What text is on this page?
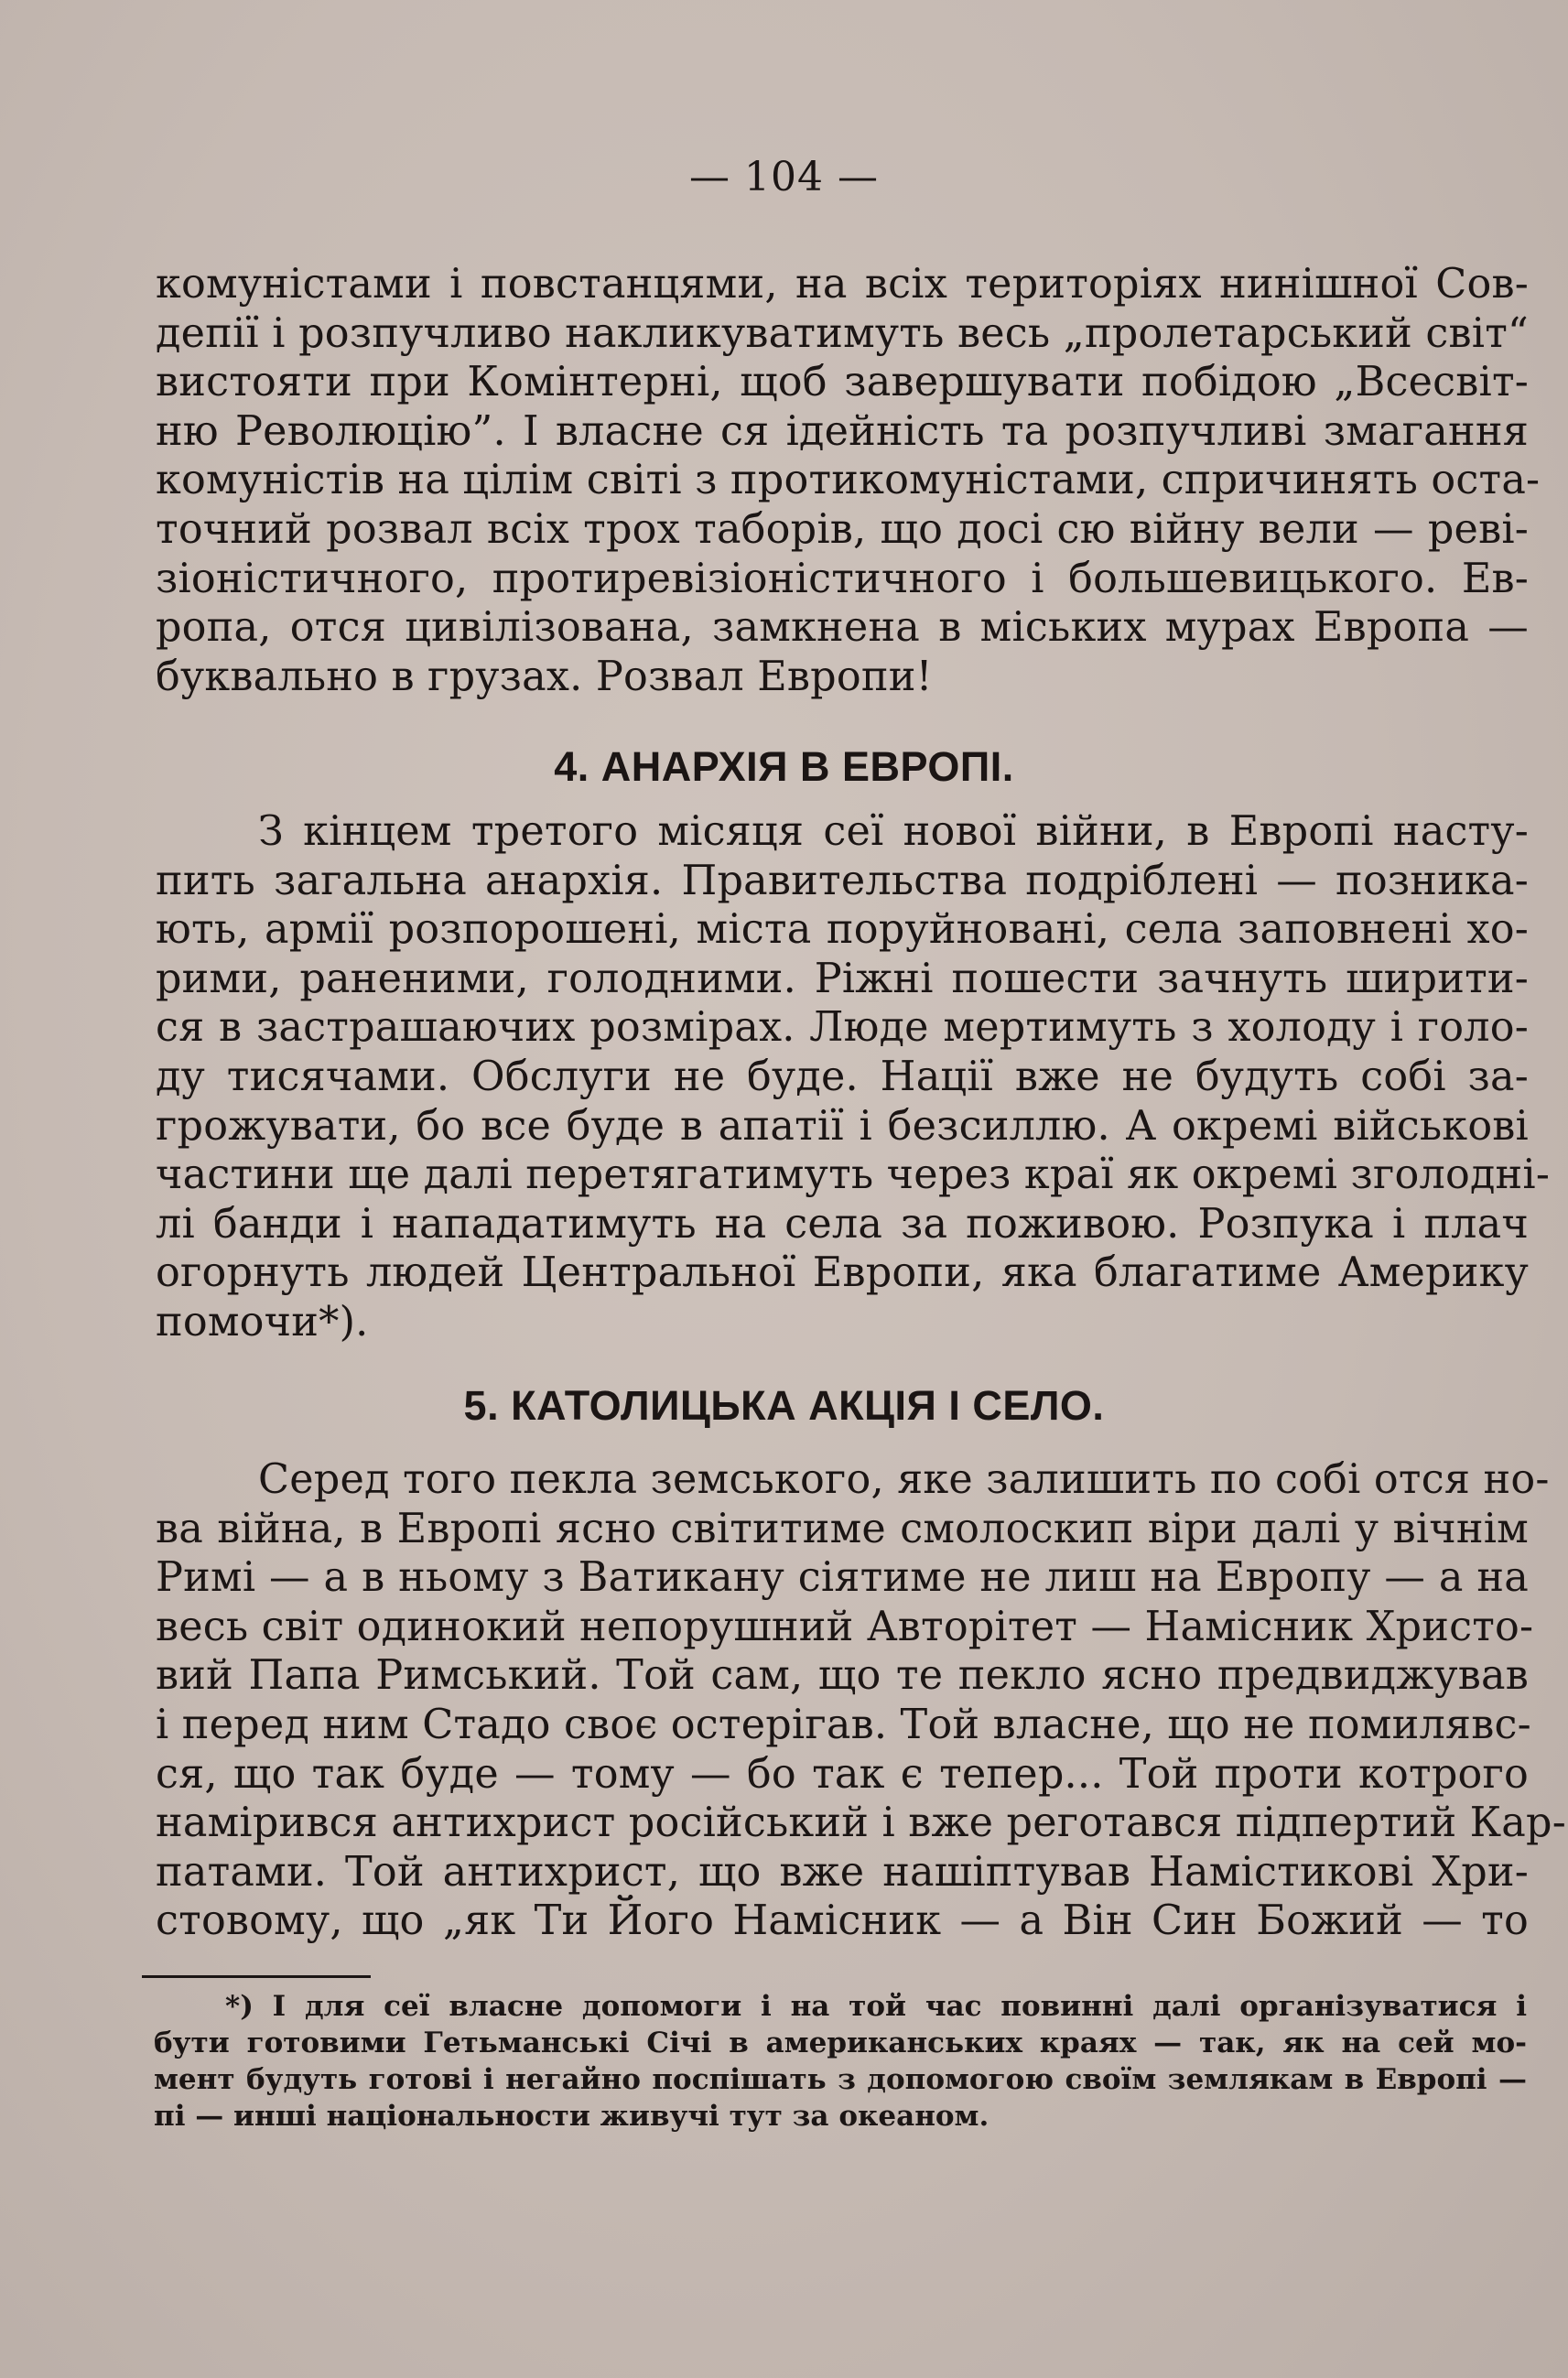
— 104 —
комуністами і повстанцями, на всіх територіях нинішної Сов-
депії і розпучливо накликуватимуть весь „пролетарський світ“
вистояти при Комінтерні, щоб завершувати побідою „Всесвіт-
ню Революцію”. І власне ся ідейність та розпучливі змагання
комуністів на цілім світі з протикомуністами, спричинять оста-
точний розвал всіх трох таборів, що досі сю війну вели — реві-
зіоністичного, протиревізіоністичного і большевицького. Ев-
ропа, отся цивілізована, замкнена в міських мурах Европа —
буквально в грузах. Розвал Европи!
4. АНАРХІЯ В ЕВРОПІ.
З кінцем третого місяця сеї нової війни, в Европі насту-
пить загальна анархія. Правительства подріблені — позника-
ють, армії розпорошені, міста поруйновані, села заповнені хо-
рими, раненими, голодними. Ріжні пошести зачнуть ширити-
ся в застрашаючих розмірах. Люде мертимуть з холоду і голо-
ду тисячами. Обслуги не буде. Нації вже не будуть собі за-
грожувати, бо все буде в апатії і безсиллю. А окремі військові
частини ще далі перетягатимуть через краї як окремі зголоднi-
лі банди і нападатимуть на села за поживою. Розпука і плач
огорнуть людей Центральної Европи, яка благатиме Америку
помочи*).
5. КАТОЛИЦЬКА АКЦІЯ І СЕЛО.
Серед того пекла земського, яке залишить по собі отся но-
ва війна, в Европі ясно світитиме смолоскип віри далі у вічнім
Римі — а в ньому з Ватикану сіятиме не лиш на Европу — а на
весь світ одинокий непорушний Авторітет — Намісник Христо-
вий Папа Римський. Той сам, що те пекло ясно предвиджував
і перед ним Стадо своє остерігав. Той власне, що не помилявс-
ся, що так буде — тому — бо так є тепер... Той проти котрого
намірився антихрист російський і вже реготався підпертий Кар-
патами. Той антихрист, що вже нашіптував Намістикові Хри-
стовому, що „як Ти Його Намісник — а Він Син Божий — то
*) І для сеї власне допомоги і на той час повинні далі організуватися і
бути готовими Гетьманські Січі в американських краях — так, як на сей мо-
мент будуть готові і негайно поспішать з допомогою своїм землякам в Европі —
пі — инші національности живучі тут за океаном.
